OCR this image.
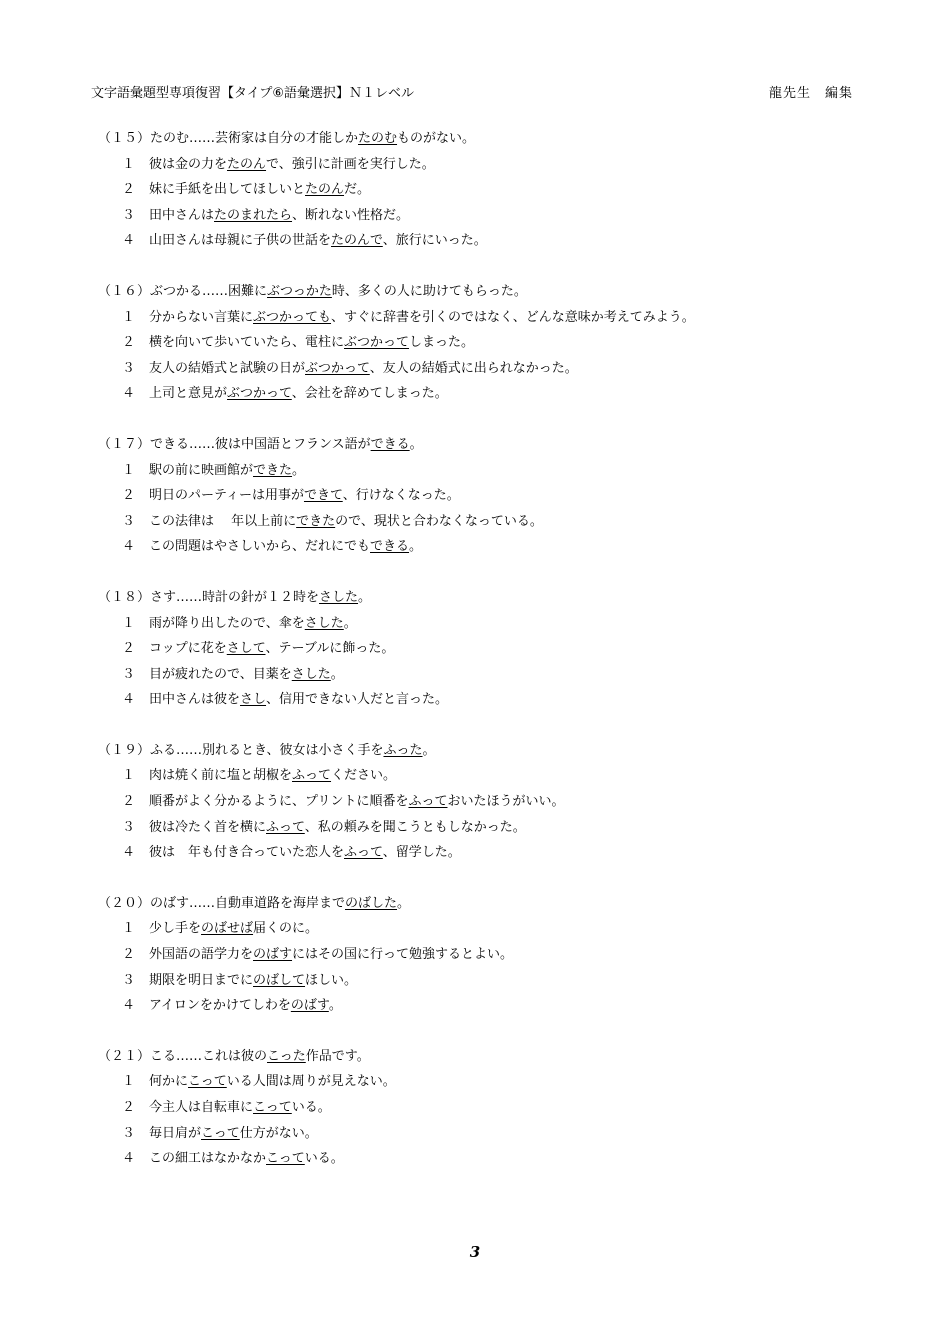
文字語彙題型専項復習【タイプ⑥語彙選択】Ｎ１レベル	龍先生　編集
（１５）たのむ……芸術家は自分の才能しかたのむものがない。
１ 彼は金の力をたのんで、強引に計画を実行した。
２ 妹に手紙を出してほしいとたのんだ。
３ 田中さんはたのまれたら、断れない性格だ。
４ 山田さんは母親に子供の世話をたのんで、旅行にいった。
（１６）ぶつかる……困難にぶつっかた時、多くの人に助けてもらった。
１ 分からない言葉にぶつかっても、すぐに辞書を引くのではなく、どんな意味か考えてみよう。
２ 横を向いて歩いていたら、電柱にぶつかってしまった。
３ 友人の結婚式と試験の日がぶつかって、友人の結婚式に出られなかった。
４ 上司と意見がぶつかって、会社を辞めてしまった。
（１７）できる……彼は中国語とフランス語ができる。
１ 駅の前に映画館ができた。
２ 明日のパーティーは用事ができて、行けなくなった。
３ この法律は　 年以上前にできたので、現状と合わなくなっている。
４ この問題はやさしいから、だれにでもできる。
（１８）さす……時計の針が１２時をさした。
１ 雨が降り出したので、傘をさした。
２ コップに花をさして、テーブルに飾った。
３ 目が疲れたので、目薬をさした。
４ 田中さんは彼をさし、信用できない人だと言った。
（１９）ふる……別れるとき、彼女は小さく手をふった。
１ 肉は焼く前に塩と胡椒をふってください。
２ 順番がよく分かるように、プリントに順番をふっておいたほうがいい。
３ 彼は冷たく首を横にふって、私の頼みを聞こうともしなかった。
４ 彼は　年も付き合っていた恋人をふって、留学した。
（２０）のばす……自動車道路を海岸までのばした。
１ 少し手をのばせば届くのに。
２ 外国語の語学力をのばすにはその国に行って勉強するとよい。
３ 期限を明日までにのばしてほしい。
４ アイロンをかけてしわをのばす。
（２１）こる……これは彼のこった作品です。
１ 何かにこっている人間は周りが見えない。
２ 今主人は自転車にこっている。
３ 毎日肩がこって仕方がない。
４ この細工はなかなかこっている。
3
